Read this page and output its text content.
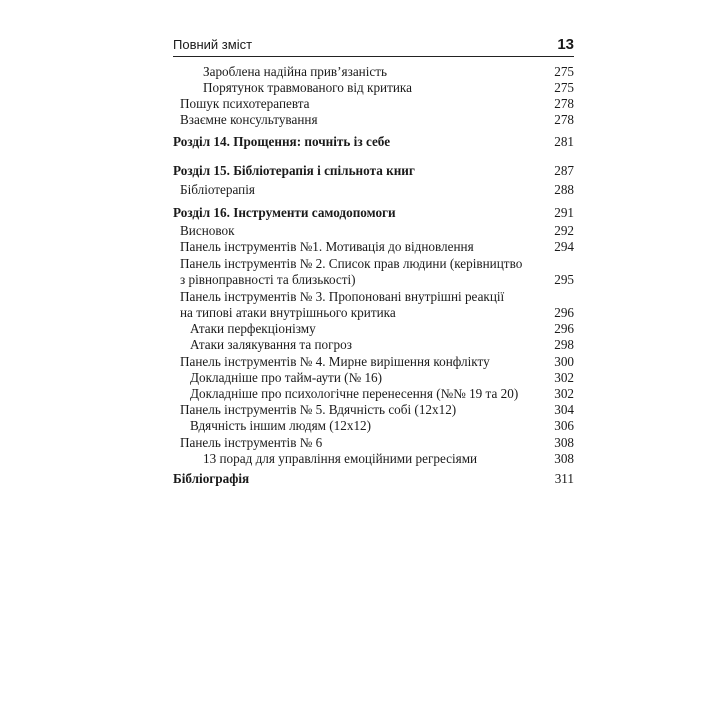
Повний зміст	13
Зароблена надійна прив’язаність	275
Порятунок травмованого від критика	275
Пошук психотерапевта	278
Взаємне консультування	278
Розділ 14. Прощення: почніть із себе	281
Розділ 15. Бібліотерапія і спільнота книг	287
Бібліотерапія	288
Розділ 16. Інструменти самодопомоги	291
Висновок	292
Панель інструментів №1. Мотивація до відновлення	294
Панель інструментів № 2. Список прав людини (керівництво
з рівноправності та близькості)	295
Панель інструментів № 3. Пропоновані внутрішні реакції
на типові атаки внутрішнього критика	296
Атаки перфекціонізму	296
Атаки залякування та погроз	298
Панель інструментів № 4. Мирне вирішення конфлікту	300
Докладніше про тайм-аути (№ 16)	302
Докладніше про психологічне перенесення (№№ 19 та 20)	302
Панель інструментів № 5. Вдячність собі (12x12)	304
Вдячність іншим людям (12x12)	306
Панель інструментів № 6	308
13 порад для управління емоційними регресіями	308
Бібліографія	311
